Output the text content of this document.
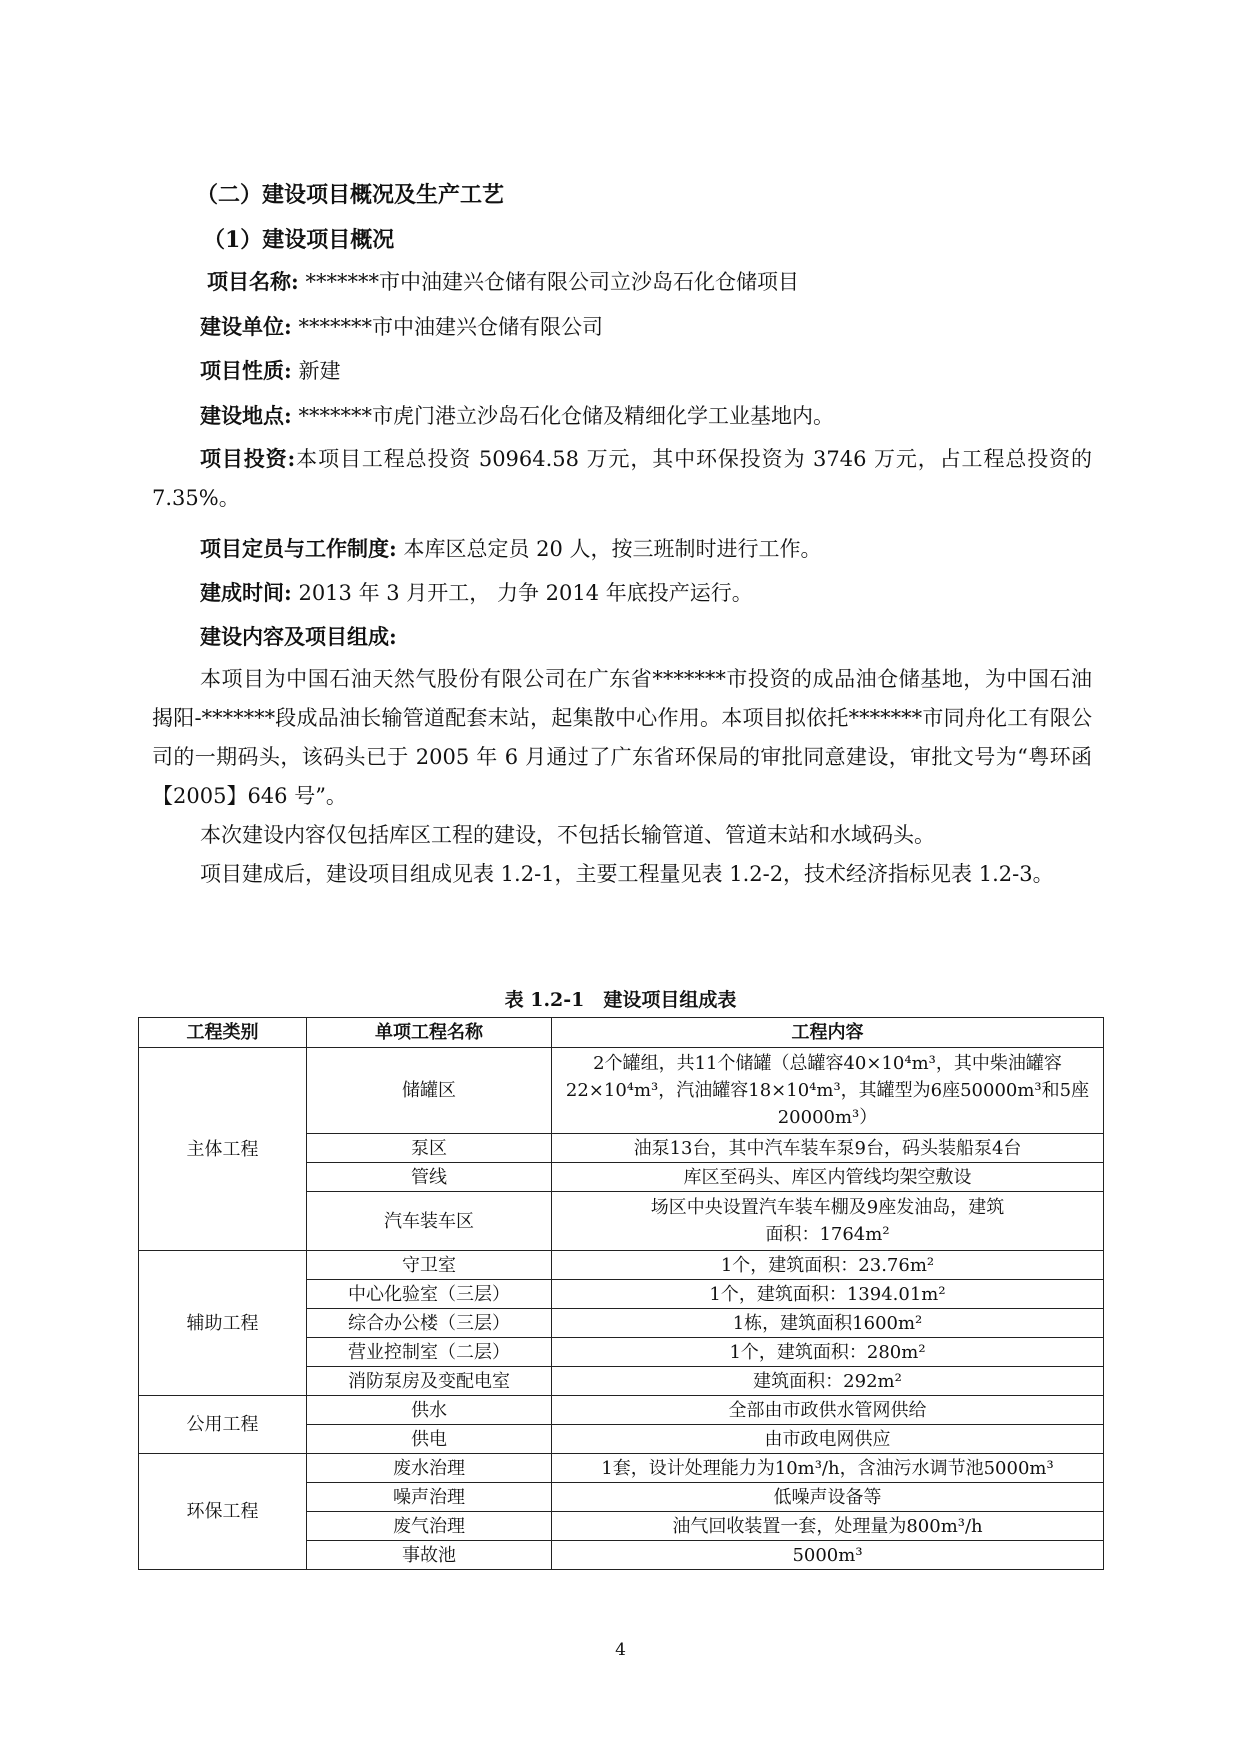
（二）建设项目概况及生产工艺
（1）建设项目概况
项目名称: *******市中油建兴仓储有限公司立沙岛石化仓储项目
建设单位: *******市中油建兴仓储有限公司
项目性质: 新建
建设地点: *******市虎门港立沙岛石化仓储及精细化学工业基地内。

项目投资:本项目工程总投资 50964.58 万元，其中环保投资为 3746 万元，占工程总投资的 7.35%。

项目定员与工作制度: 本库区总定员 20 人，按三班制时进行工作。
建成时间: 2013 年 3 月开工， 力争 2014 年底投产运行。
建设内容及项目组成:

本项目为中国石油天然气股份有限公司在广东省*******市投资的成品油仓储基地，为中国石油揭阳-*******段成品油长输管道配套末站，起集散中心作用。本项目拟依托*******市同舟化工有限公司的一期码头，该码头已于 2005 年 6 月通过了广东省环保局的审批同意建设，审批文号为“粤环函【2005】646 号”。

本次建设内容仅包括库区工程的建设，不包括长输管道、管道末站和水域码头。

项目建成后，建设项目组成见表 1.2-1，主要工程量见表 1.2-2，技术经济指标见表 1.2-3。

表 1.2-1　建设项目组成表
工程类别	单项工程名称	工程内容
主体工程	储罐区	2个罐组，共11个储罐（总罐容40×10⁴m³，其中柴油罐容22×10⁴m³，汽油罐容18×10⁴m³，其罐型为6座50000m³和5座20000m³）
	泵区	油泵13台，其中汽车装车泵9台，码头装船泵4台
	管线	库区至码头、库区内管线均架空敷设
	汽车装车区	场区中央设置汽车装车棚及9座发油岛，建筑面积：1764m²
辅助工程	守卫室	1个，建筑面积：23.76m²
	中心化验室（三层）	1个，建筑面积：1394.01m²
	综合办公楼（三层）	1栋，建筑面积1600m²
	营业控制室（二层）	1个，建筑面积：280m²
	消防泵房及变配电室	建筑面积：292m²
公用工程	供水	全部由市政供水管网供给
	供电	由市政电网供应
环保工程	废水治理	1套，设计处理能力为10m³/h，含油污水调节池5000m³
	噪声治理	低噪声设备等
	废气治理	油气回收装置一套，处理量为800m³/h
	事故池	5000m³
4
